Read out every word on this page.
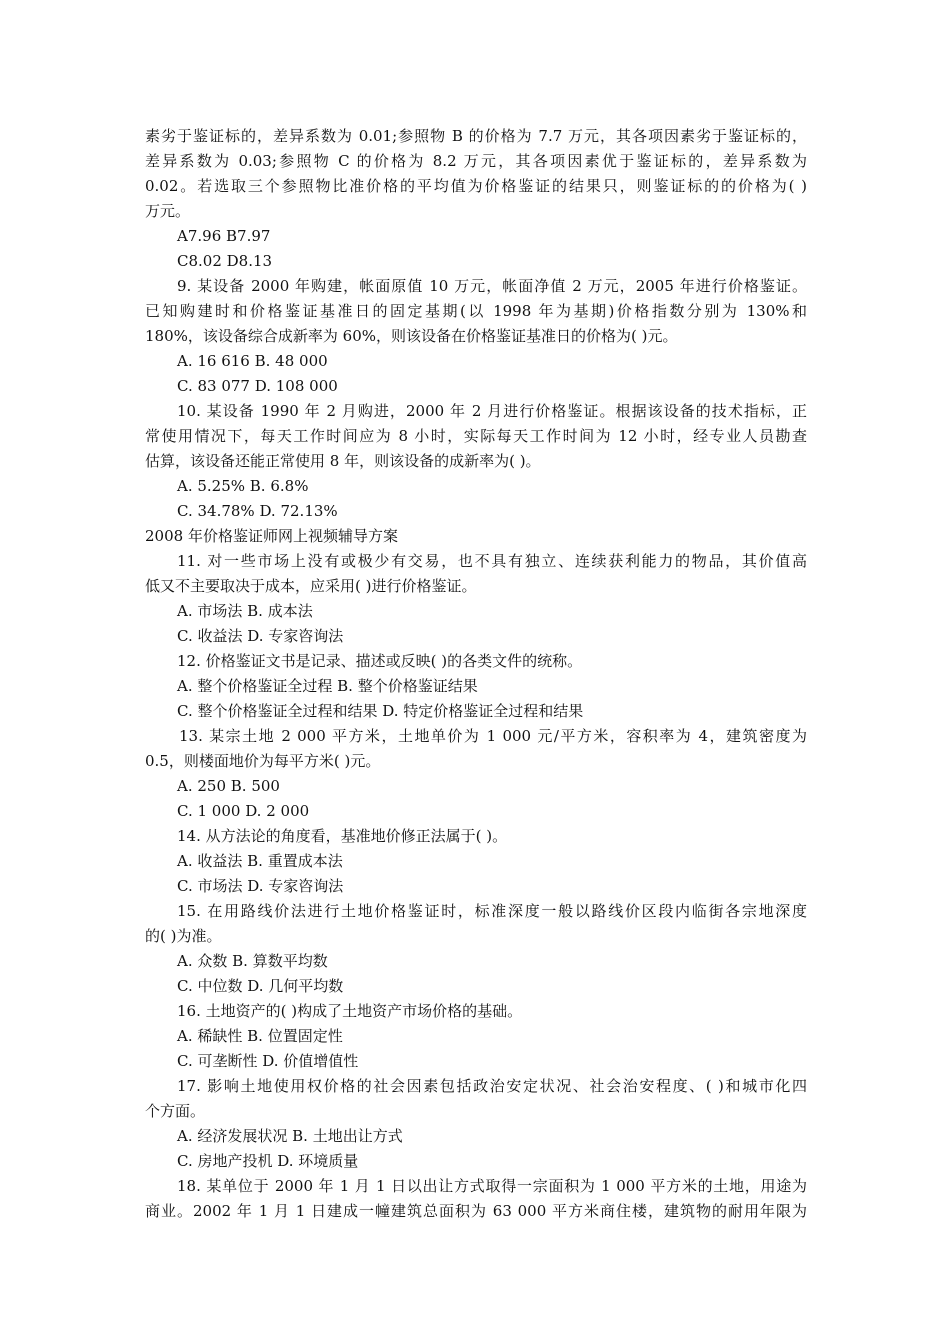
素劣于鉴证标的，差异系数为 0.01;参照物 B 的价格为 7.7 万元，其各项因素劣于鉴证标的，
差异系数为 0.03;参照物 C 的价格为 8.2 万元，其各项因素优于鉴证标的，差异系数为
0.02。若选取三个参照物比准价格的平均值为价格鉴证的结果只，则鉴证标的的价格为( )
万元。
A7.96 B7.97
C8.02 D8.13
9. 某设备 2000 年购建，帐面原值 10 万元，帐面净值 2 万元，2005 年进行价格鉴证。
已知购建时和价格鉴证基准日的固定基期(以 1998 年为基期)价格指数分别为 130%和
180%，该设备综合成新率为 60%，则该设备在价格鉴证基准日的价格为( )元。
A. 16 616 B. 48 000
C. 83 077 D. 108 000
10. 某设备 1990 年 2 月购进，2000 年 2 月进行价格鉴证。根据该设备的技术指标，正
常使用情况下，每天工作时间应为 8 小时，实际每天工作时间为 12 小时，经专业人员勘查
估算，该设备还能正常使用 8 年，则该设备的成新率为( )。
A. 5.25% B. 6.8%
C. 34.78% D. 72.13%
2008 年价格鉴证师网上视频辅导方案
11. 对一些市场上没有或极少有交易，也不具有独立、连续获利能力的物品，其价值高
低又不主要取决于成本，应采用( )进行价格鉴证。
A. 市场法 B. 成本法
C. 收益法 D. 专家咨询法
12. 价格鉴证文书是记录、描述或反映( )的各类文件的统称。
A. 整个价格鉴证全过程 B. 整个价格鉴证结果
C. 整个价格鉴证全过程和结果 D. 特定价格鉴证全过程和结果
13. 某宗土地 2 000 平方米，土地单价为 1 000 元/平方米，容积率为 4，建筑密度为
0.5，则楼面地价为每平方米( )元。
A. 250 B. 500
C. 1 000 D. 2 000
14. 从方法论的角度看，基准地价修正法属于( )。
A. 收益法 B. 重置成本法
C. 市场法 D. 专家咨询法
15. 在用路线价法进行土地价格鉴证时，标准深度一般以路线价区段内临街各宗地深度
的( )为准。
A. 众数 B. 算数平均数
C. 中位数 D. 几何平均数
16. 土地资产的( )构成了土地资产市场价格的基础。
A. 稀缺性 B. 位置固定性
C. 可垄断性 D. 价值增值性
17. 影响土地使用权价格的社会因素包括政治安定状况、社会治安程度、( )和城市化四
个方面。
A. 经济发展状况 B. 土地出让方式
C. 房地产投机 D. 环境质量
18. 某单位于 2000 年 1 月 1 日以出让方式取得一宗面积为 1 000 平方米的土地，用途为
商业。2002 年 1 月 1 日建成一幢建筑总面积为 63 000 平方米商住楼，建筑物的耐用年限为
